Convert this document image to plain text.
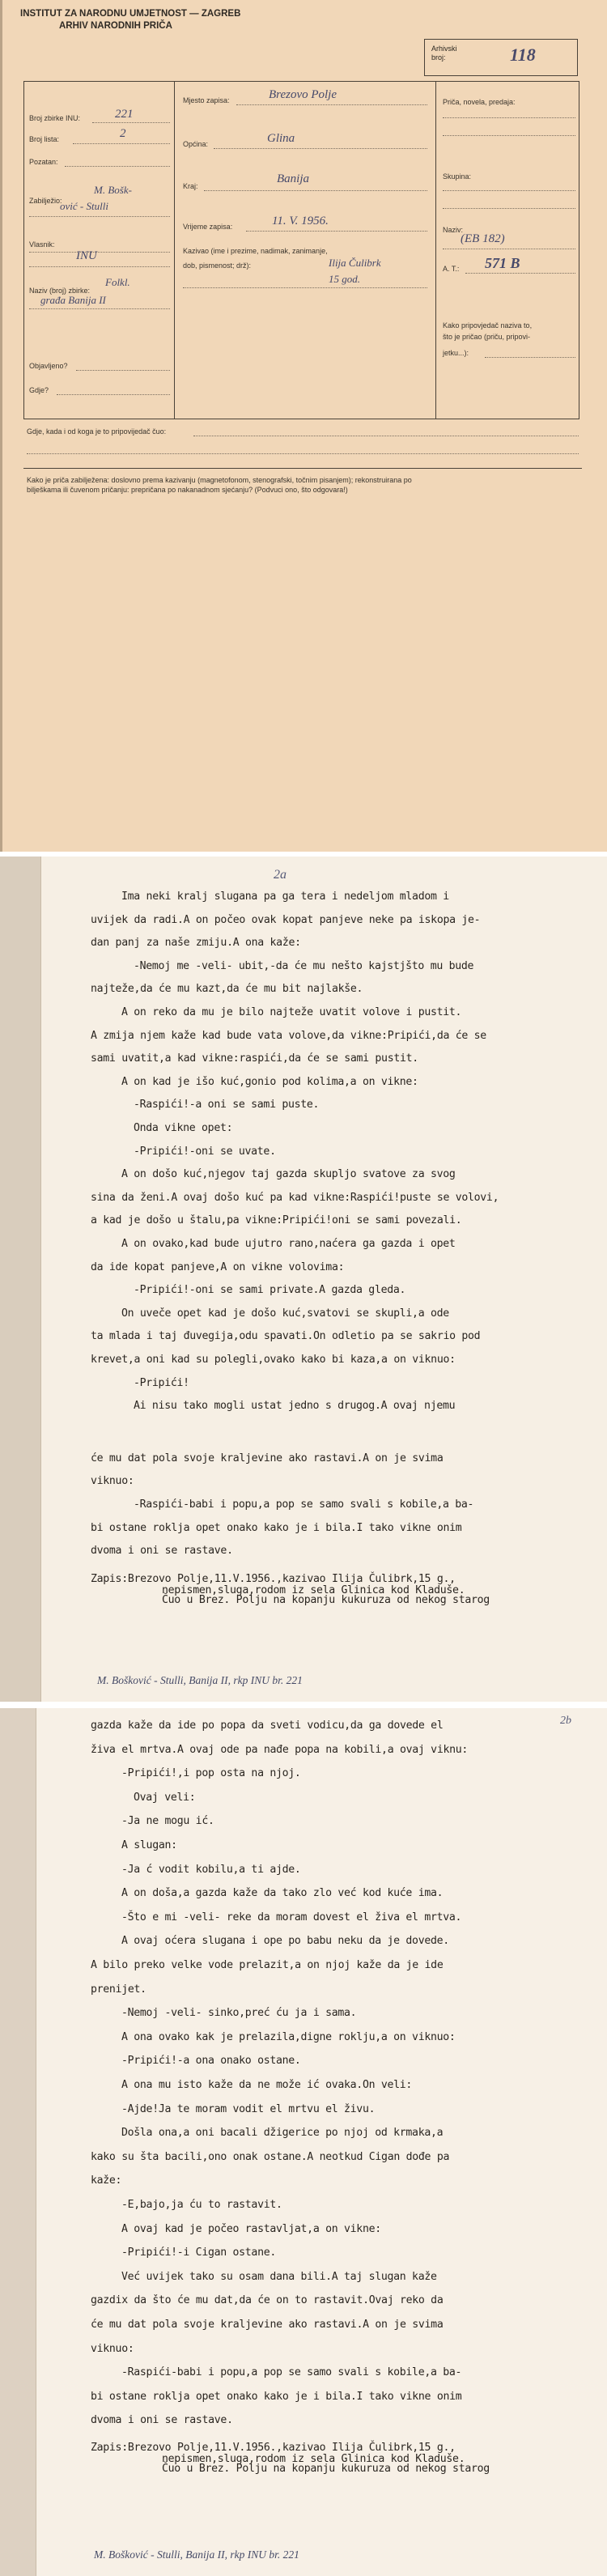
INSTITUT ZA NARODNU UMJETNOST — ZAGREB
ARHIV NARODNIH PRIČA
Arhivski
broj:	118
Broj zbirke INU:	221
Broj lista:	2
Pozatan:
Zabilježio:
M. Bošk-
ović - Stulli
Vlasnik:
INU
Naziv (broj) zbirke:
Folkl.
građa Banija II
Objavljeno?
Gdje?
Mjesto zapisa:	Brezovo Polje
Općina:	Glina
Kraj:
Banija
Vrijeme zapisa:	11. V. 1956.
Kazivao (ime i prezime, nadimak, zanimanje,
dob, pismenost; drž):	Ilija Čulibrk
15 god.
Priča, novela, predaja:
Skupina:
Naziv:
(EB 182)
A. T.: 571 B
Kako pripovjedač naziva to,
što je pričao (priču, pripovi-
jetku...):
Gdje, kada i od koga je to pripovijedač čuo:
Kako je priča zabilježena: doslovno prema kazivanju (magnetofonom, stenografski, točnim pisanjem); rekonstruirana po
bilješkama ili čuvenom pričanju: prepričana po nakanadnom sjećanju? (Podvuci ono, što odgovara!)
2a
Ima neki kralj slugana pa ga tera i nedeljom mladom i
uvijek da radi.A on počeo ovak kopat panjeve neke pa iskopa je-
dan panj za naše zmiju.A ona kaže:
-Nemoj me -veli- ubit,-da će mu nešto kajstjšto mu bude
najteže,da će mu kazt,da će mu bit najlakše.
A on reko da mu je bilo najteže uvatit volove i pustit.
A zmija njem kaže kad bude vata volove,da vikne:Pripići,da će se
sami uvatit,a kad vikne:raspići,da će se sami pustit.
A on kad je išo kuć,gonio pod kolima,a on vikne:
-Raspići!-a oni se sami puste.
Onda vikne opet:
-Pripići!-oni se uvate.
A on došo kuć,njegov taj gazda skupljo svatove za svog
sina da ženi.A ovaj došo kuć pa kad vikne:Raspići!puste se volovi,
a kad je došo u štalu,pa vikne:Pripići!oni se sami povezali.
A on ovako,kad bude ujutro rano,naćera ga gazda i opet
da ide kopat panjeve,A on vikne volovima:
-Pripići!-oni se sami private.A gazda gleda.
On uveče opet kad je došo kuć,svatovi se skupli,a ode
ta mlada i taj đuvegija,odu spavati.On odletio pa se sakrio pod
krevet,a oni kad su polegli,ovako kako bi kaza,a on viknuo:
-Pripići!
Ai nisu tako mogli ustat jedno s drugog.A ovaj njemu
će mu dat pola svoje kraljevine ako rastavi.A on je svima
viknuo:
-Raspići-babi i popu,a pop se samo svali s kobile,a ba-
bi ostane roklja opet onako kako je i bila.I tako vikne onim
dvoma i oni se rastave.
Zapis:Brezovo Polje,11.V.1956.,kazivao Ilija Čulibrk,15 g.,
nepismen,sluga,rodom iz sela Glinica kod Kladuše.
Čuo u Brez. Polju na kopanju kukuruza od nekog starog
M. Bošković - Stulli, Banija II, rkp INU br. 221
2b
gazda kaže da ide po popa da sveti vodicu,da ga dovede el
živa el mrtva.A ovaj ode pa nađe popa na kobili,a ovaj viknu:
-Pripići!,i pop osta na njoj.
Ovaj veli:
-Ja ne mogu ić.
A slugan:
-Ja ć vodit kobilu,a ti ajde.
A on doša,a gazda kaže da tako zlo već kod kuće ima.
-Što e mi -veli- reke da moram dovest el živa el mrtva.
A ovaj oćera slugana i ope po babu neku da je dovede.
A bilo preko velke vode prelazit,a on njoj kaže da je ide
prenijet.
-Nemoj -veli- sinko,preć ću ja i sama.
A ona ovako kak je prelazila,digne roklju,a on viknuo:
-Pripići!-a ona onako ostane.
A ona mu isto kaže da ne može ić ovaka.On veli:
-Ajde!Ja te moram vodit el mrtvu el živu.
Došla ona,a oni bacali džigerice po njoj od krmaka,a
kako su šta bacili,ono onak ostane.A neotkud Cigan dođe pa
kaže:
-E,bajo,ja ću to rastavit.
A ovaj kad je počeo rastavljat,a on vikne:
-Pripići!-i Cigan ostane.
Već uvijek tako su osam dana bili.A taj slugan kaže
gazdix da što će mu dat,da će on to rastavit.Ovaj reko da
će mu dat pola svoje kraljevine ako rastavi.A on je svima
viknuo:
-Raspići-babi i popu,a pop se samo svali s kobile,a ba-
bi ostane roklja opet onako kako je i bila.I tako vikne onim
dvoma i oni se rastave.
Zapis:Brezovo Polje,11.V.1956.,kazivao Ilija Čulibrk,15 g.,
nepismen,sluga,rodom iz sela Glinica kod Kladuše.
Čuo u Brez. Polju na kopanju kukuruza od nekog starog
M. Bošković - Stulli, Banija II, rkp INU br. 221
